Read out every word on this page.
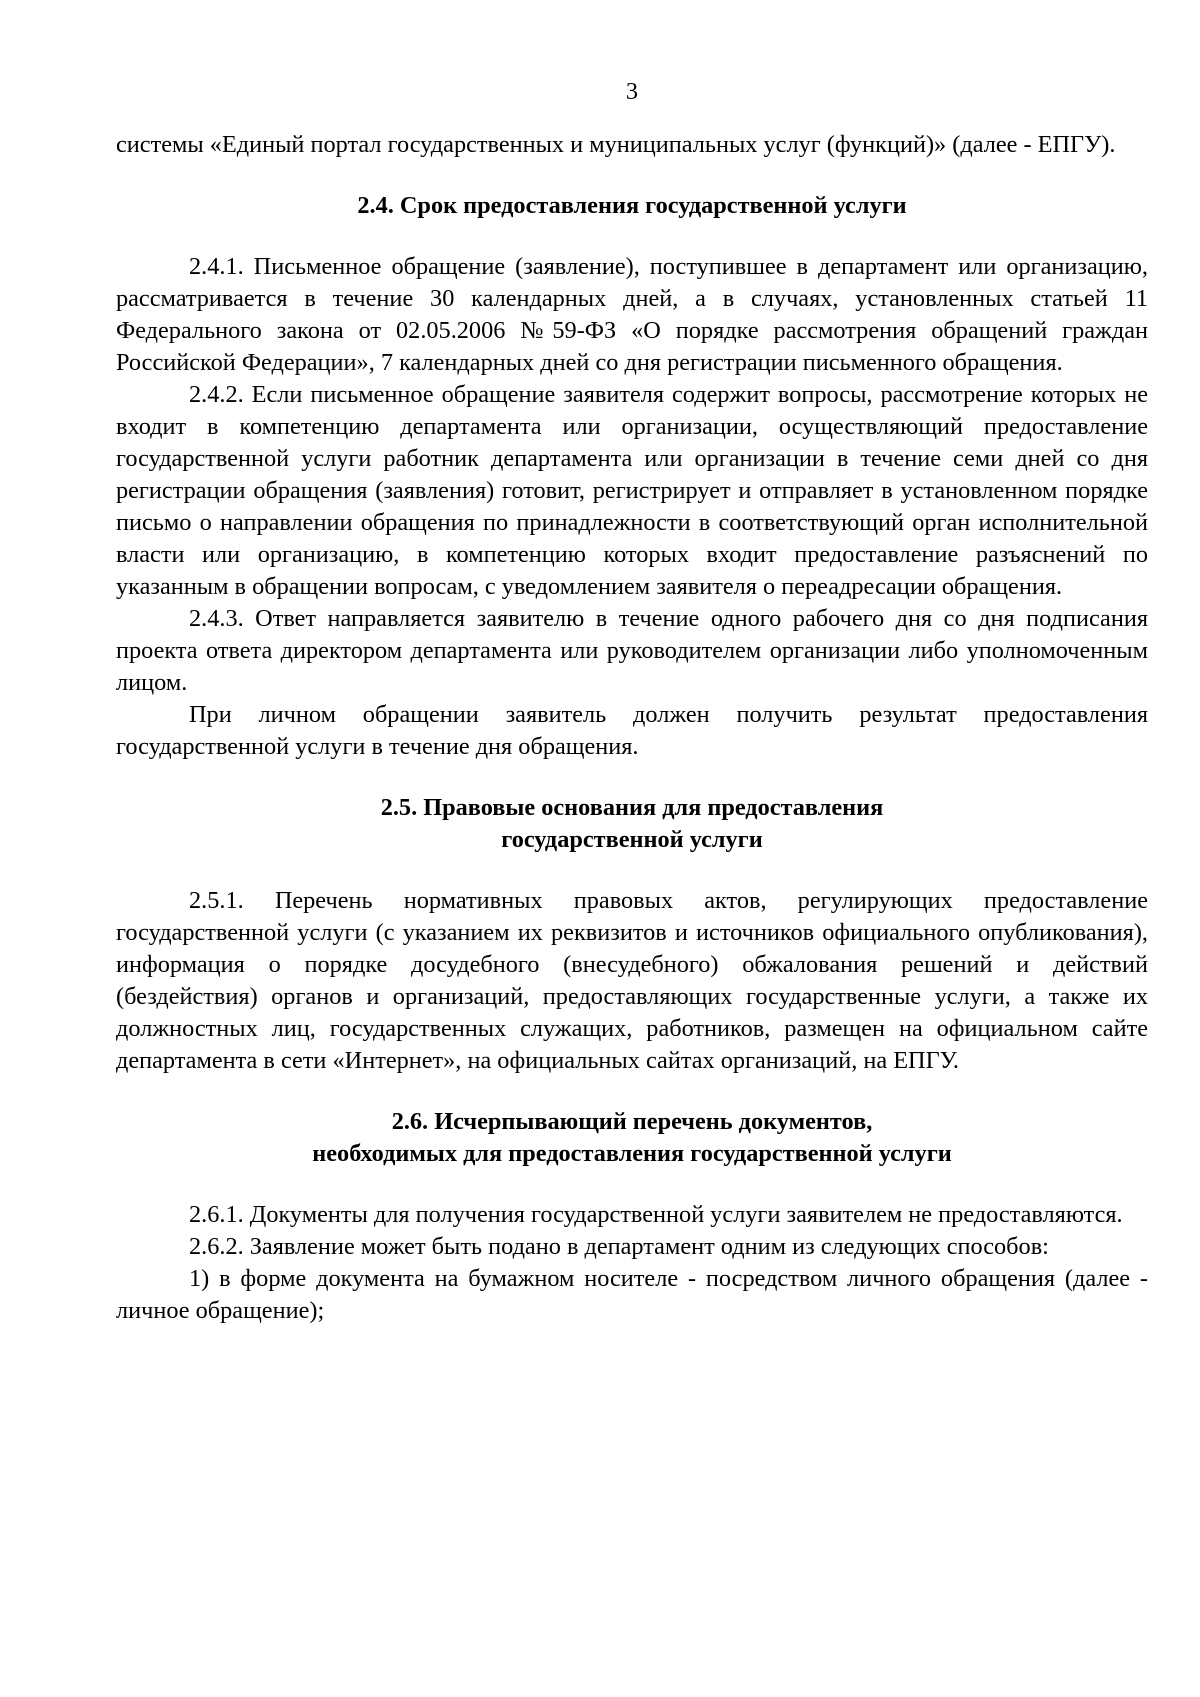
3

системы «Единый портал государственных и муниципальных услуг (функций)» (далее - ЕПГУ).

2.4. Срок предоставления государственной услуги

2.4.1. Письменное обращение (заявление), поступившее в департамент или организацию, рассматривается в течение 30 календарных дней, а в случаях, установленных статьей 11 Федерального закона от 02.05.2006 №59-ФЗ «О порядке рассмотрения обращений граждан Российской Федерации», 7 календарных дней со дня регистрации письменного обращения.

2.4.2. Если письменное обращение заявителя содержит вопросы, рассмотрение которых не входит в компетенцию департамента или организации, осуществляющий предоставление государственной услуги работник департамента или организации в течение семи дней со дня регистрации обращения (заявления) готовит, регистрирует и отправляет в установленном порядке письмо о направлении обращения по принадлежности в соответствующий орган исполнительной власти или организацию, в компетенцию которых входит предоставление разъяснений по указанным в обращении вопросам, с уведомлением заявителя о переадресации обращения.

2.4.3. Ответ направляется заявителю в течение одного рабочего дня со дня подписания проекта ответа директором департамента или руководителем организации либо уполномоченным лицом.

При личном обращении заявитель должен получить результат предоставления государственной услуги в течение дня обращения.

2.5. Правовые основания для предоставления
государственной услуги

2.5.1. Перечень нормативных правовых актов, регулирующих предоставление государственной услуги (с указанием их реквизитов и источников официального опубликования), информация о порядке досудебного (внесудебного) обжалования решений и действий (бездействия) органов и организаций, предоставляющих государственные услуги, а также их должностных лиц, государственных служащих, работников, размещен на официальном сайте департамента в сети «Интернет», на официальных сайтах организаций, на ЕПГУ.

2.6. Исчерпывающий перечень документов,
необходимых для предоставления государственной услуги

2.6.1. Документы для получения государственной услуги заявителем не предоставляются.

2.6.2. Заявление может быть подано в департамент одним из следующих способов:

1) в форме документа на бумажном носителе - посредством личного обращения (далее - личное обращение);
